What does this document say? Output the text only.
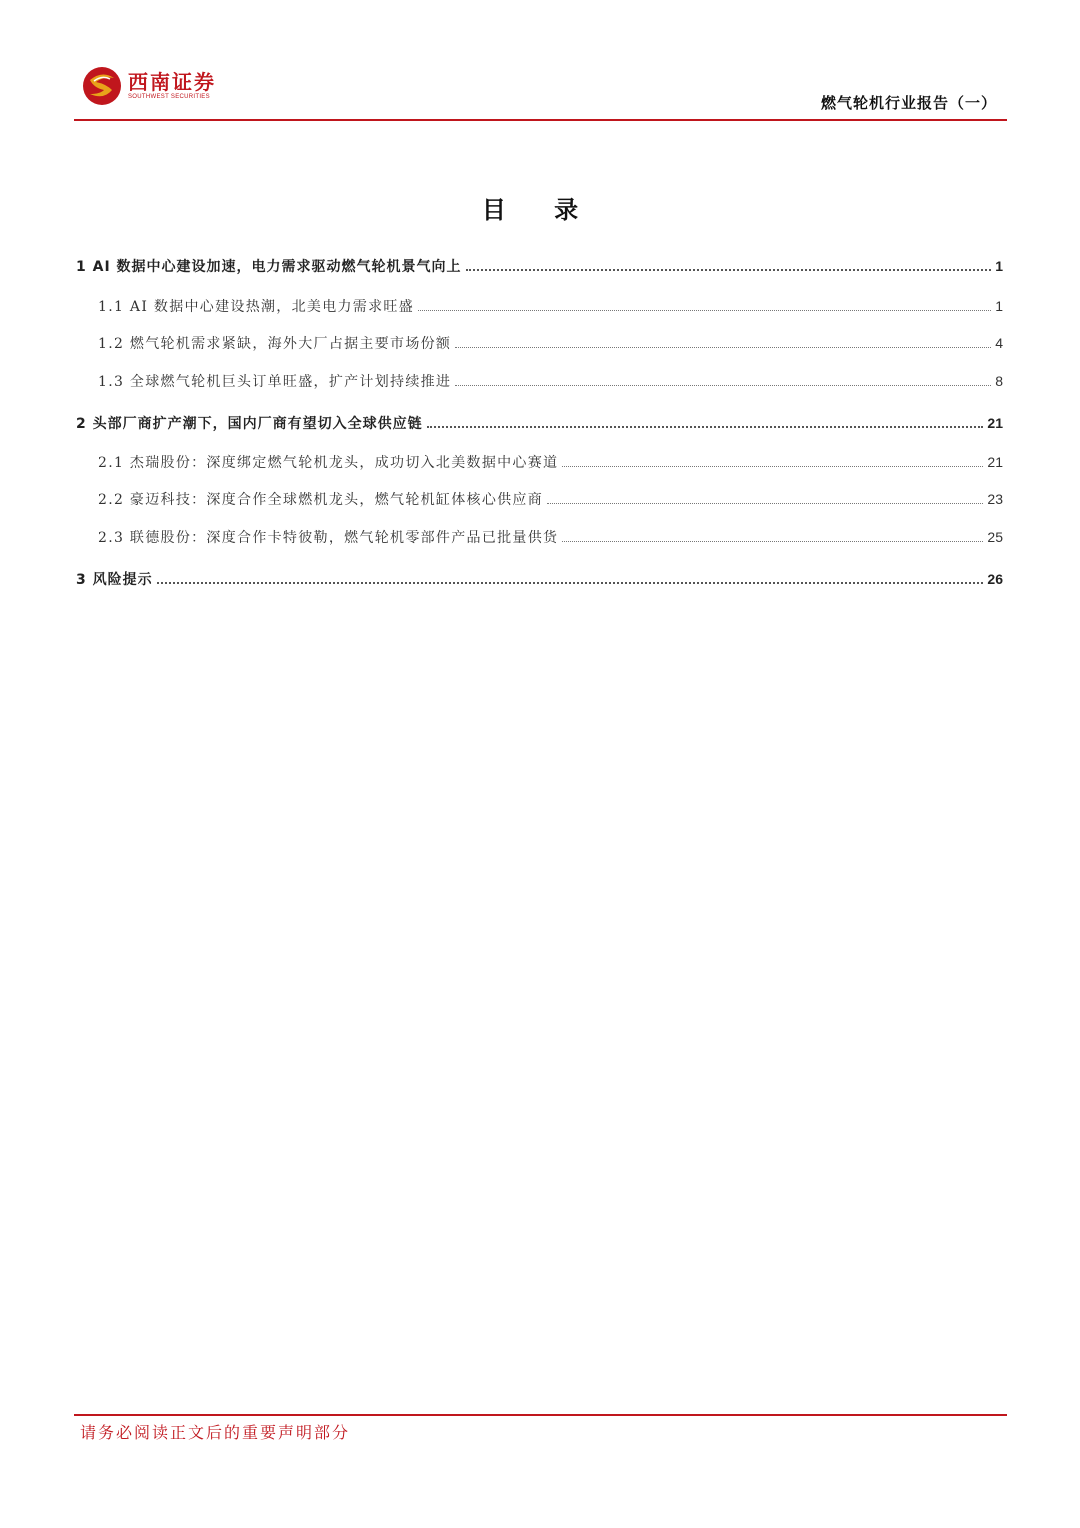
西南证券
SOUTHWEST SECURITIES	燃气轮机行业报告（一）
目 录
1 AI 数据中心建设加速，电力需求驱动燃气轮机景气向上	1
1.1 AI 数据中心建设热潮，北美电力需求旺盛	1
1.2 燃气轮机需求紧缺，海外大厂占据主要市场份额	4
1.3 全球燃气轮机巨头订单旺盛，扩产计划持续推进	8
2 头部厂商扩产潮下，国内厂商有望切入全球供应链	21
2.1 杰瑞股份：深度绑定燃气轮机龙头，成功切入北美数据中心赛道	21
2.2 豪迈科技：深度合作全球燃机龙头，燃气轮机缸体核心供应商	23
2.3 联德股份：深度合作卡特彼勒，燃气轮机零部件产品已批量供货	25
3 风险提示	26
请务必阅读正文后的重要声明部分
